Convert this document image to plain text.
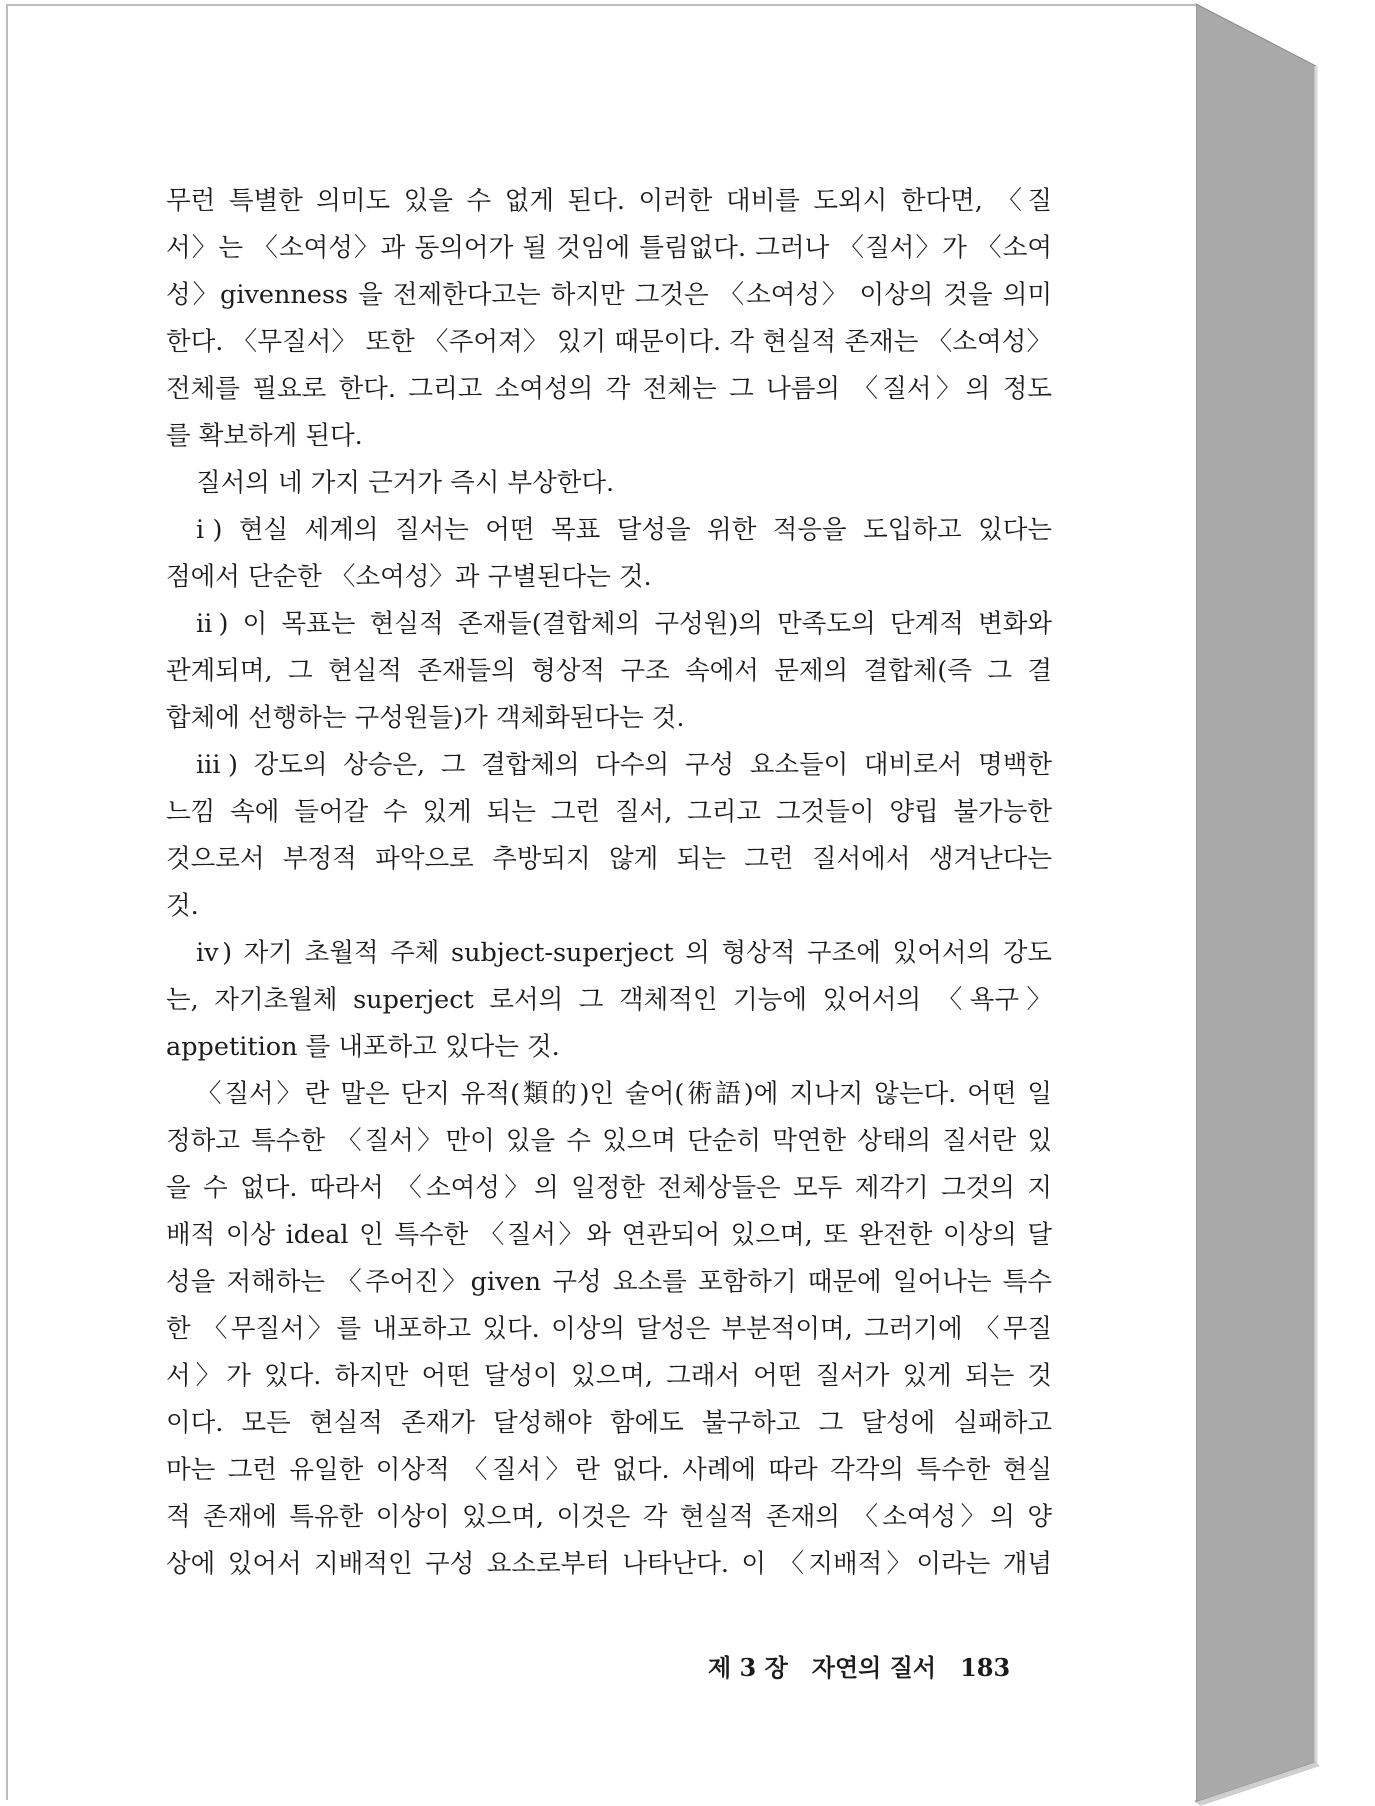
무런 특별한 의미도 있을 수 없게 된다. 이러한 대비를 도외시 한다면, 〈질
서〉는 〈소여성〉과 동의어가 될 것임에 틀림없다. 그러나 〈질서〉가 〈소여
성〉givenness 을 전제한다고는 하지만 그것은 〈소여성〉 이상의 것을 의미
한다. 〈무질서〉 또한 〈주어져〉 있기 때문이다. 각 현실적 존재는 〈소여성〉
전체를 필요로 한다. 그리고 소여성의 각 전체는 그 나름의 〈질서〉의 정도
를 확보하게 된다.
질서의 네 가지 근거가 즉시 부상한다.
ⅰ) 현실 세계의 질서는 어떤 목표 달성을 위한 적응을 도입하고 있다는
점에서 단순한 〈소여성〉과 구별된다는 것.
ⅱ) 이 목표는 현실적 존재들(결합체의 구성원)의 만족도의 단계적 변화와
관계되며, 그 현실적 존재들의 형상적 구조 속에서 문제의 결합체(즉 그 결
합체에 선행하는 구성원들)가 객체화된다는 것.
ⅲ) 강도의 상승은, 그 결합체의 다수의 구성 요소들이 대비로서 명백한
느낌 속에 들어갈 수 있게 되는 그런 질서, 그리고 그것들이 양립 불가능한
것으로서 부정적 파악으로 추방되지 않게 되는 그런 질서에서 생겨난다는
것.
ⅳ) 자기 초월적 주체 subject-superject 의 형상적 구조에 있어서의 강도
는, 자기초월체 superject 로서의 그 객체적인 기능에 있어서의 〈욕구〉
appetition 를 내포하고 있다는 것.
〈질서〉란 말은 단지 유적(類的)인 술어(術語)에 지나지 않는다. 어떤 일
정하고 특수한 〈질서〉만이 있을 수 있으며 단순히 막연한 상태의 질서란 있
을 수 없다. 따라서 〈소여성〉의 일정한 전체상들은 모두 제각기 그것의 지
배적 이상 ideal 인 특수한 〈질서〉와 연관되어 있으며, 또 완전한 이상의 달
성을 저해하는 〈주어진〉given 구성 요소를 포함하기 때문에 일어나는 특수
한 〈무질서〉를 내포하고 있다. 이상의 달성은 부분적이며, 그러기에 〈무질
서〉가 있다. 하지만 어떤 달성이 있으며, 그래서 어떤 질서가 있게 되는 것
이다. 모든 현실적 존재가 달성해야 함에도 불구하고 그 달성에 실패하고
마는 그런 유일한 이상적 〈질서〉란 없다. 사례에 따라 각각의 특수한 현실
적 존재에 특유한 이상이 있으며, 이것은 각 현실적 존재의 〈소여성〉의 양
상에 있어서 지배적인 구성 요소로부터 나타난다. 이 〈지배적〉이라는 개념
제 3 장 자연의 질서 183
